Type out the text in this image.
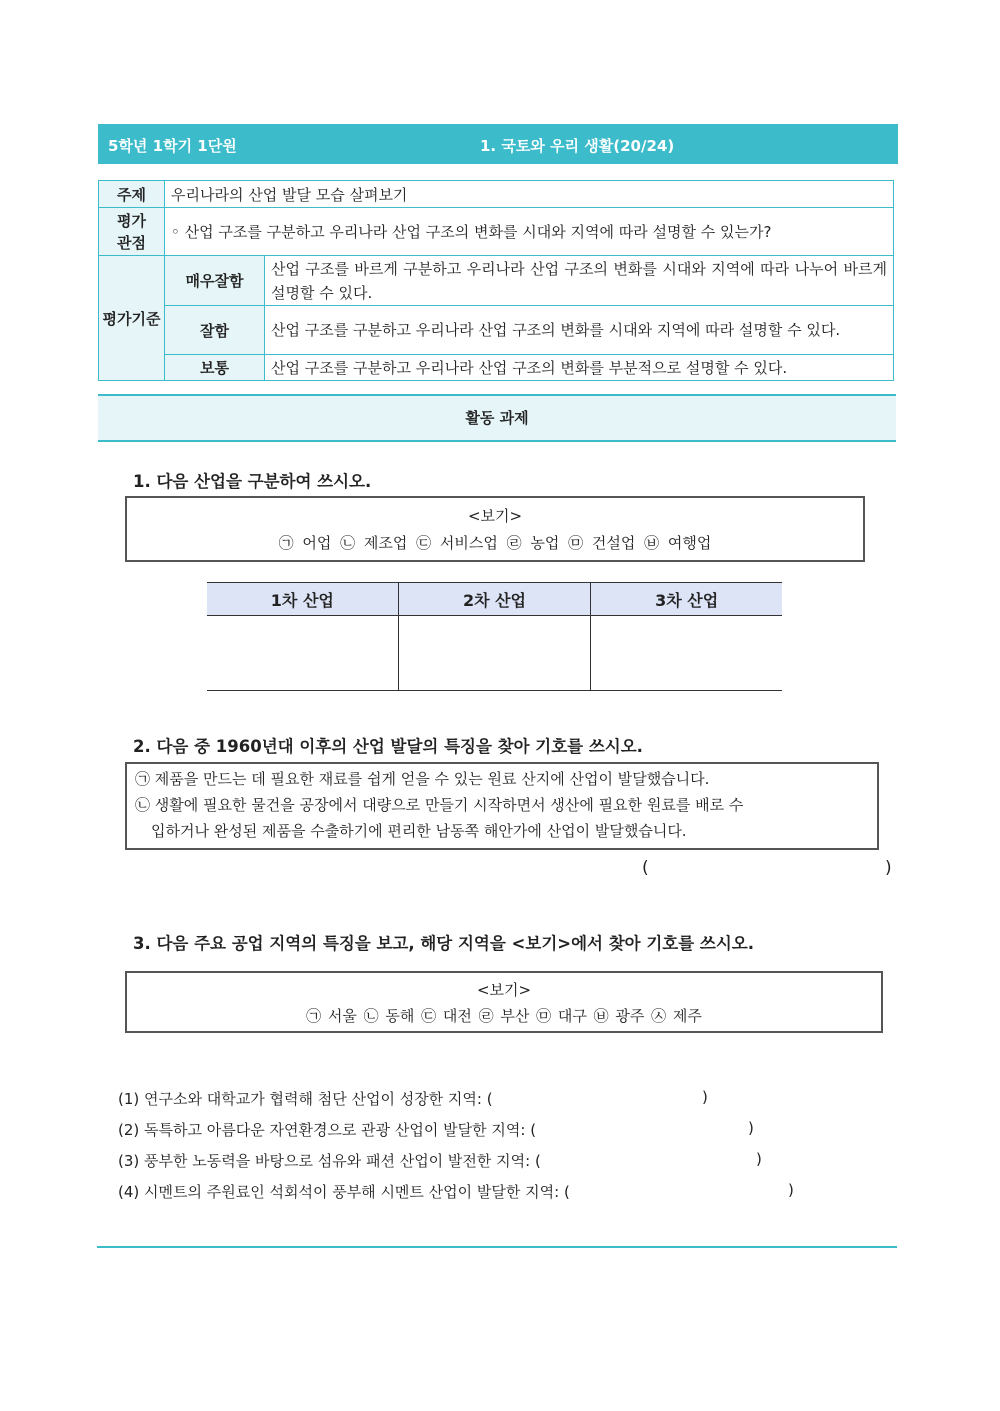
5학년 1학기 1단원	1. 국토와 우리 생활(20/24)
주제	우리나라의 산업 발달 모습 살펴보기	
평가
관점	◦ 산업 구조를 구분하고 우리나라 산업 구조의 변화를 시대와 지역에 따라 설명할 수 있는가?	
평가기준	매우잘함	산업 구조를 바르게 구분하고 우리나라 산업 구조의 변화를 시대와 지역에 따라 나누어 바르게 설명할 수 있다.
	잘함	산업 구조를 구분하고 우리나라 산업 구조의 변화를 시대와 지역에 따라 설명할 수 있다.
	보통	산업 구조를 구분하고 우리나라 산업 구조의 변화를 부분적으로 설명할 수 있다.
활동 과제
1. 다음 산업을 구분하여 쓰시오.
<보기>
㉠ 어업 ㉡ 제조업 ㉢ 서비스업 ㉣ 농업 ㉤ 건설업 ㉥ 여행업
1차 산업	2차 산업	3차 산업

2. 다음 중 1960년대 이후의 산업 발달의 특징을 찾아 기호를 쓰시오.

㉠ 제품을 만드는 데 필요한 재료를 쉽게 얻을 수 있는 원료 산지에 산업이 발달했습니다.

㉡ 생활에 필요한 물건을 공장에서 대량으로 만들기 시작하면서 생산에 필요한 원료를 배로 수

입하거나 완성된 제품을 수출하기에 편리한 남동쪽 해안가에 산업이 발달했습니다.

(	)
3. 다음 주요 공업 지역의 특징을 보고, 해당 지역을 <보기>에서 찾아 기호를 쓰시오.
<보기>
㉠ 서울 ㉡ 동해 ㉢ 대전 ㉣ 부산 ㉤ 대구 ㉥ 광주 ㉦ 제주
(1) 연구소와 대학교가 협력해 첨단 산업이 성장한 지역: (	)
(2) 독특하고 아름다운 자연환경으로 관광 산업이 발달한 지역: (	)
(3) 풍부한 노동력을 바탕으로 섬유와 패션 산업이 발전한 지역: (	)
(4) 시멘트의 주원료인 석회석이 풍부해 시멘트 산업이 발달한 지역: (	)
